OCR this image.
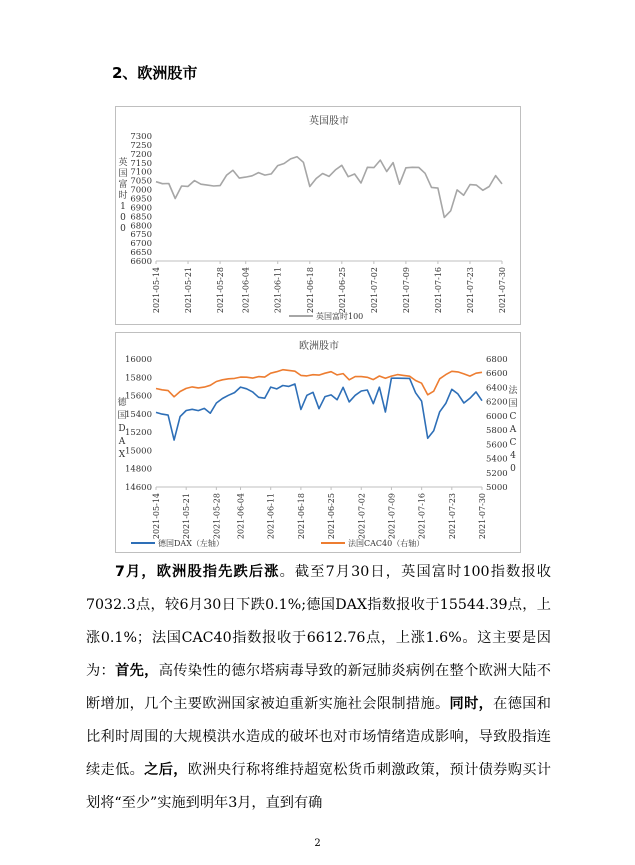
2、欧洲股市
英国股市
6600
6650
6700
6750
6800
6850
6900
6950
7000
7050
7100
7150
7200
7250
7300
2021-05-14	2021-05-21	2021-05-28 2021-06-04	2021-06-11	2021-06-18	2021-06-25	2021-07-02	2021-07-09	2021-07-16	2021-07-23	2021-07-30
英国富时100
英
国
富
时
1
0
0
欧洲股市
14600
14800
15000
15200
15400
15600
15800
16000
5000
5200
5400
5600
5800
6000
6200
6400
6600
6800
2021-05-14	2021-05-21	2021-05-28 2021-06-04	2021-06-11	2021-06-18	2021-06-25	2021-07-02	2021-07-09	2021-07-16	2021-07-23	2021-07-30
德国DAX（左轴）	法国CAC40（右轴）
德
国
D
A
X
法
国
C
A
C
4
0

7月，欧洲股指先跌后涨。截至7月30日，英国富时100指数报收7032.3点，较6月30日下跌0.1%;德国DAX指数报收于15544.39点，上涨0.1%；法国CAC40指数报收于6612.76点，上涨1.6%。这主要是因为：首先，高传染性的德尔塔病毒导致的新冠肺炎病例在整个欧洲大陆不断增加，几个主要欧洲国家被迫重新实施社会限制措施。同时，在德国和比利时周围的大规模洪水造成的破坏也对市场情绪造成影响，导致股指连续走低。之后，欧洲央行称将维持超宽松货币刺激政策，预计债券购买计划将“至少”实施到明年3月，直到有确

2
